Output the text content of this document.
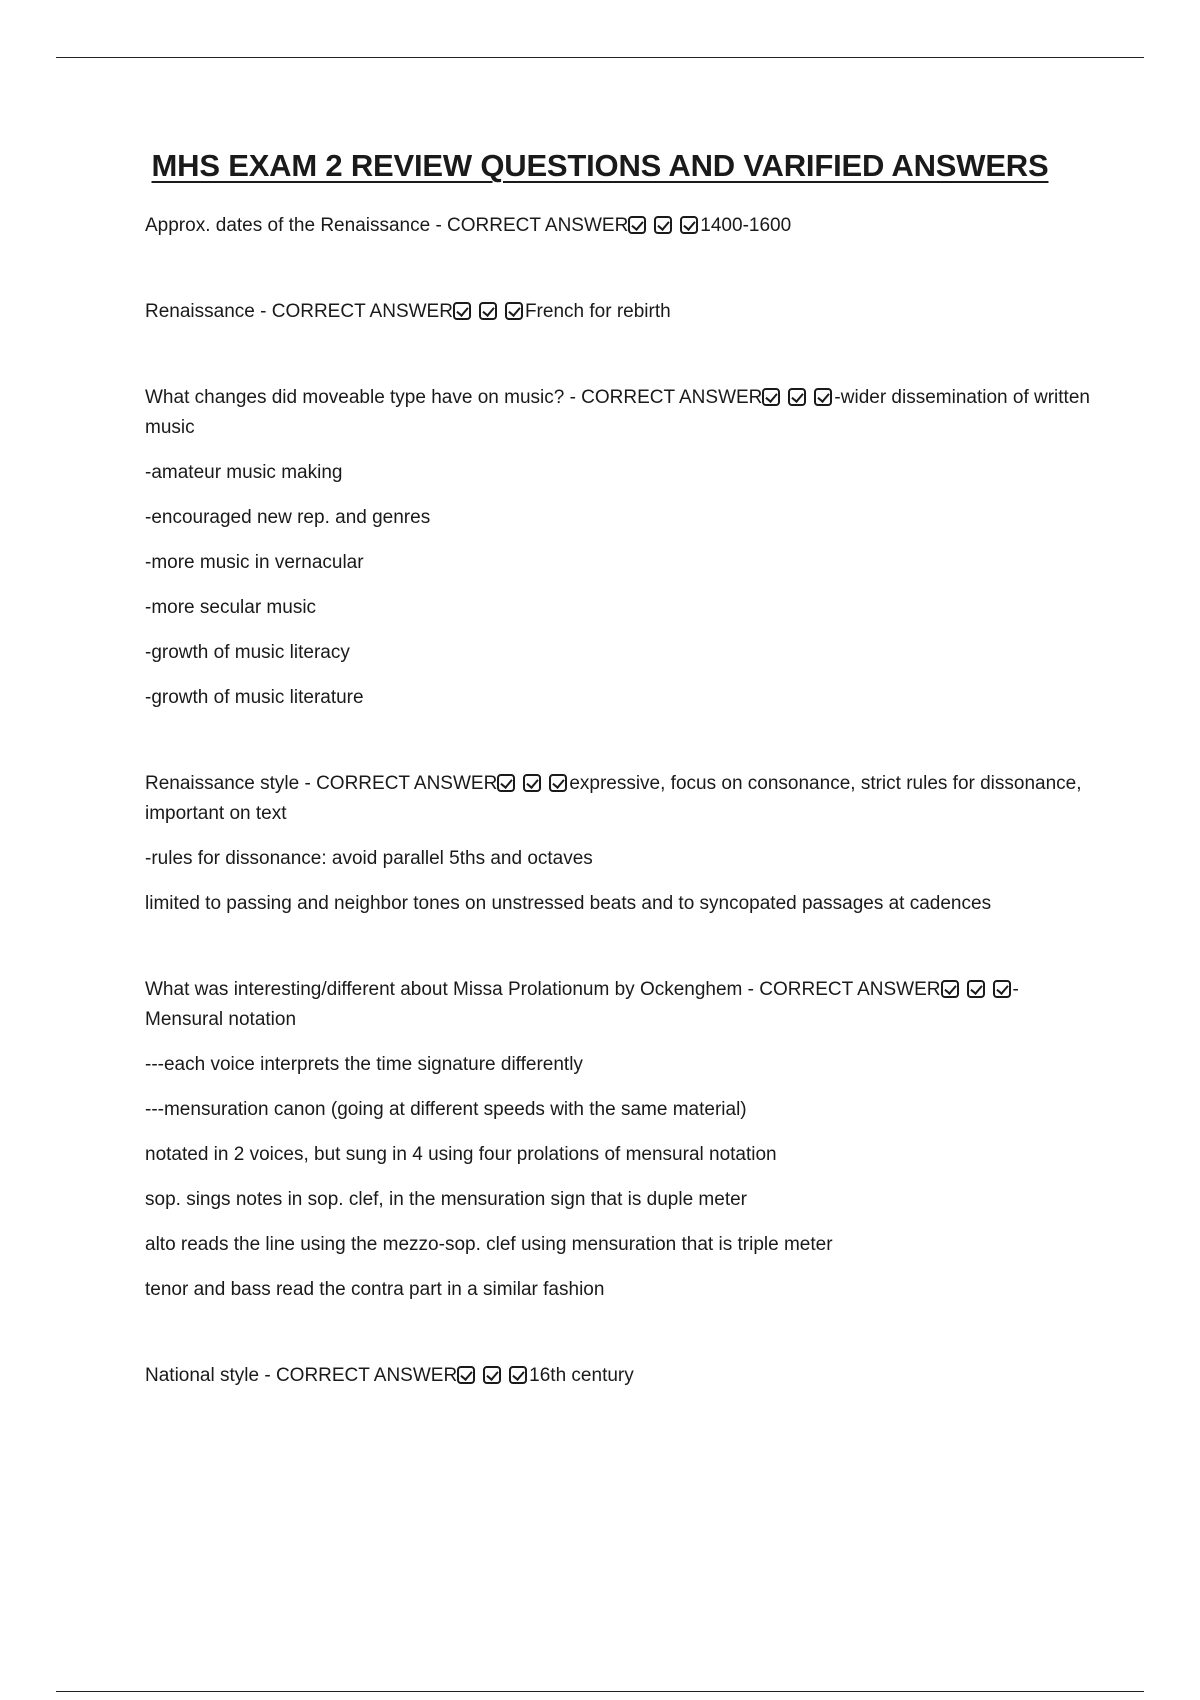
MHS EXAM 2 REVIEW QUESTIONS AND VARIFIED ANSWERS

Approx. dates of the Renaissance - CORRECT ANSWER	1400-1600

Renaissance - CORRECT ANSWER	French for rebirth

What changes did moveable type have on music? - CORRECT ANSWER	-wider dissemination of written music

-amateur music making

-encouraged new rep. and genres

-more music in vernacular

-more secular music

-growth of music literacy

-growth of music literature

Renaissance style - CORRECT ANSWER	expressive, focus on consonance, strict rules for dissonance, important on text

-rules for dissonance: avoid parallel 5ths and octaves

limited to passing and neighbor tones on unstressed beats and to syncopated passages at cadences

What was interesting/different about Missa Prolationum by Ockenghem - CORRECT ANSWER	-Mensural notation

---each voice interprets the time signature differently

---mensuration canon (going at different speeds with the same material)

notated in 2 voices, but sung in 4 using four prolations of mensural notation

sop. sings notes in sop. clef, in the mensuration sign that is duple meter

alto reads the line using the mezzo-sop. clef using mensuration that is triple meter

tenor and bass read the contra part in a similar fashion

National style - CORRECT ANSWER	16th century
